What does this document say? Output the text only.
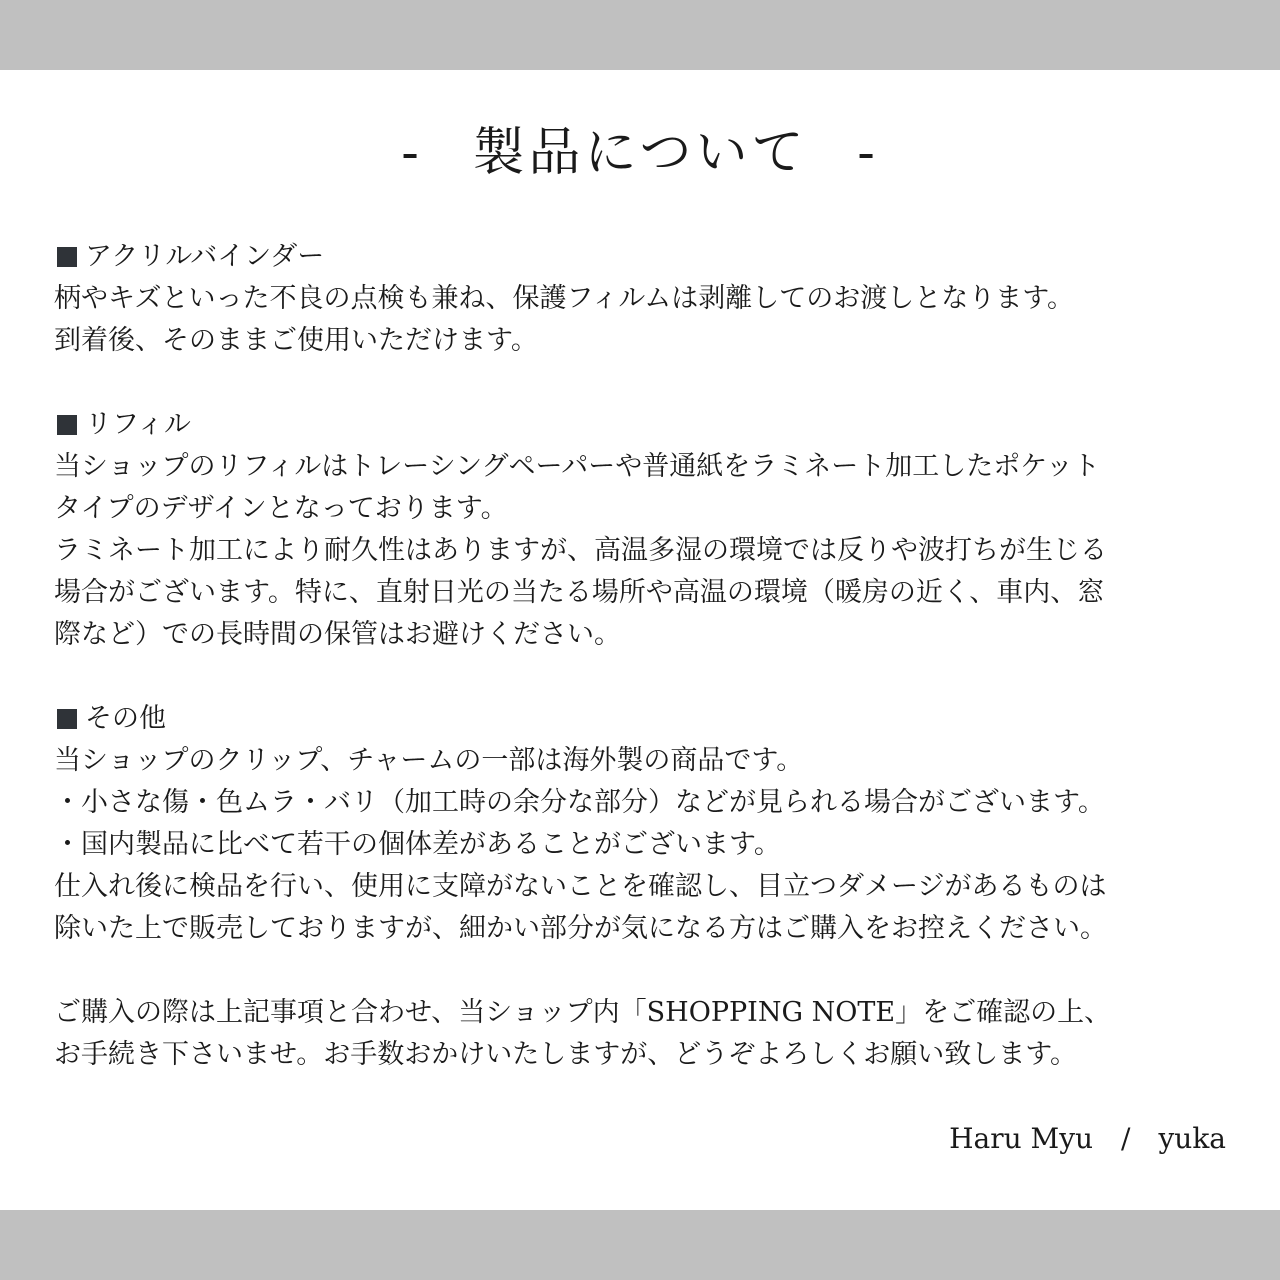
- 製品について -
アクリルバインダー
柄やキズといった不良の点検も兼ね、保護フィルムは剥離してのお渡しとなります。
到着後、そのままご使用いただけます。
リフィル
当ショップのリフィルはトレーシングペーパーや普通紙をラミネート加工したポケット
タイプのデザインとなっております。
ラミネート加工により耐久性はありますが、高温多湿の環境では反りや波打ちが生じる
場合がございます。特に、直射日光の当たる場所や高温の環境（暖房の近く、車内、窓
際など）での長時間の保管はお避けください。
その他
当ショップのクリップ、チャームの一部は海外製の商品です。
・小さな傷・色ムラ・バリ（加工時の余分な部分）などが見られる場合がございます。
・国内製品に比べて若干の個体差があることがございます。
仕入れ後に検品を行い、使用に支障がないことを確認し、目立つダメージがあるものは
除いた上で販売しておりますが、細かい部分が気になる方はご購入をお控えください。
ご購入の際は上記事項と合わせ、当ショップ内「SHOPPING NOTE」をご確認の上、
お手続き下さいませ。お手数おかけいたしますが、どうぞよろしくお願い致します。
Haru Myu　/　yuka
